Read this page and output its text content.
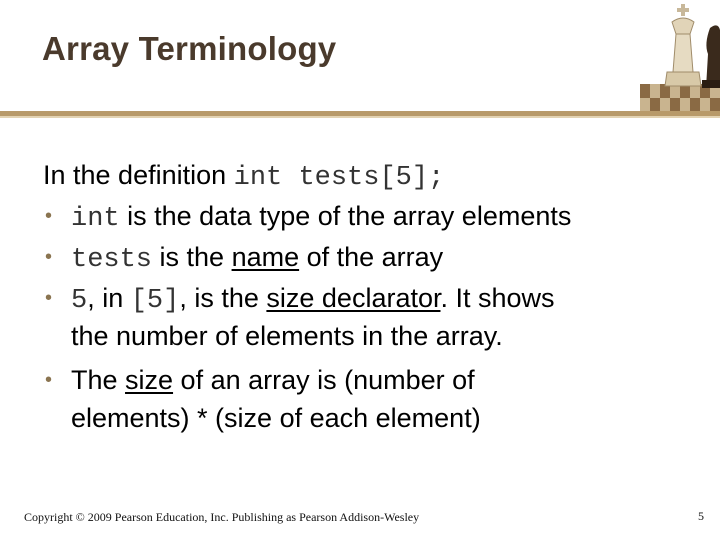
Array Terminology
In the definition int tests[5];
• int is the data type of the array elements
• tests is the name of the array
• 5, in [5], is the size declarator. It shows
the number of elements in the array.
• The size of an array is (number of
elements) * (size of each element)
Copyright © 2009 Pearson Education, Inc. Publishing as Pearson Addison-Wesley	5
